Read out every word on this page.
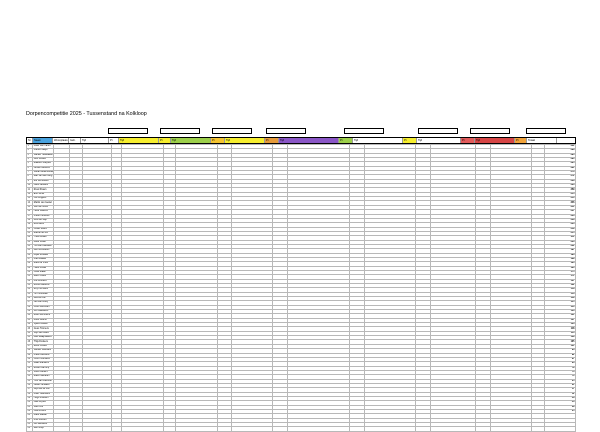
Dorpencompetitie 2025 - Tussenstand na Kolkloop
Nr	Naam	Woonplaats Geb.	Tijd	Pt	Tijd	Pt	Tijd	Pt	Tijd	Pt	Tijd	Pt	Tijd	Pt	Tijd	Pt	Tijd	Pt	Totaal
1	Peter van Haren																			302
2	Patrick Meijer																			298
3	Sander Heesakkers																			294
4	Gert Koolen																			290
5	Maarten Kleijnen																			285
6	Jeroen Beckers																			281
7	Stefan Bloemendaal																			276
8	Bart van den Berg																			272
9	Rik Verhoeven																			268
10	Niels Janssen																			263
11	Ruud Peters																			259
12	Erik Smits																			255
13	Jos Kuijpers																			250
14	Martin van Gestel																			246
15	Wim de Groot																			241
16	Henk Willems																			237
17	Frank Hendriks																			233
18	Dirk van Dijk																			228
19	Rob Aarts																			224
20	Johan Bosch																			219
21	Marcel de Wit																			215
22	Theo Mulder																			211
23	Kees Visser																			206
24	Ton van Leeuwen																			202
25	Leo Vermeulen																			197
26	Arjan Brouwer																			193
27	Paul Dekker																			189
28	Mark de Vries																			184
29	Hans Koster																			180
30	Joost Maas																			175
31	Bas Prinsen																			171
32	Luc Wouters																			167
33	Michel Martens																			162
34	Roy Hermans																			158
35	Tim Schouten																			153
36	Dennis Kok																			149
37	Jan van Rooij																			145
38	Coen Gerritsen																			140
39	Ivo Claessens																			136
40	Bram Lemmens																			131
41	Koen Geurts																			127
42	Sjoerd Rutten																			123
43	Guus Timmers																			118
44	Stijn van Asten																			114
45	Lars Raaijmakers																			109
46	Thijs Donkers																			105
47	Rens Coolen																			101
48	Wouter Swinkels																			96
49	Pieter Biemans																			92
50	Joris Hurkmans																			87
51	Daan Manders																			83
52	Ruben van Erp																			79
53	Sven Kanters																			74
54	Mats Habraken																			70
55	Tom van Lieshout																			65
56	Jesse Verbakel																			61
57	Gijs van de Ven																			57
58	Luuk Tielemans																			52
59	Hugo Fransen																			48
60	Niek Wijnen																			43
61	Stan Vos																			39
62	Olaf Rovers																			35
63	Karel Bakker																			
64	Frits Loonen																			
65	Lei Janssens																			
66	Bert Buijs																			
